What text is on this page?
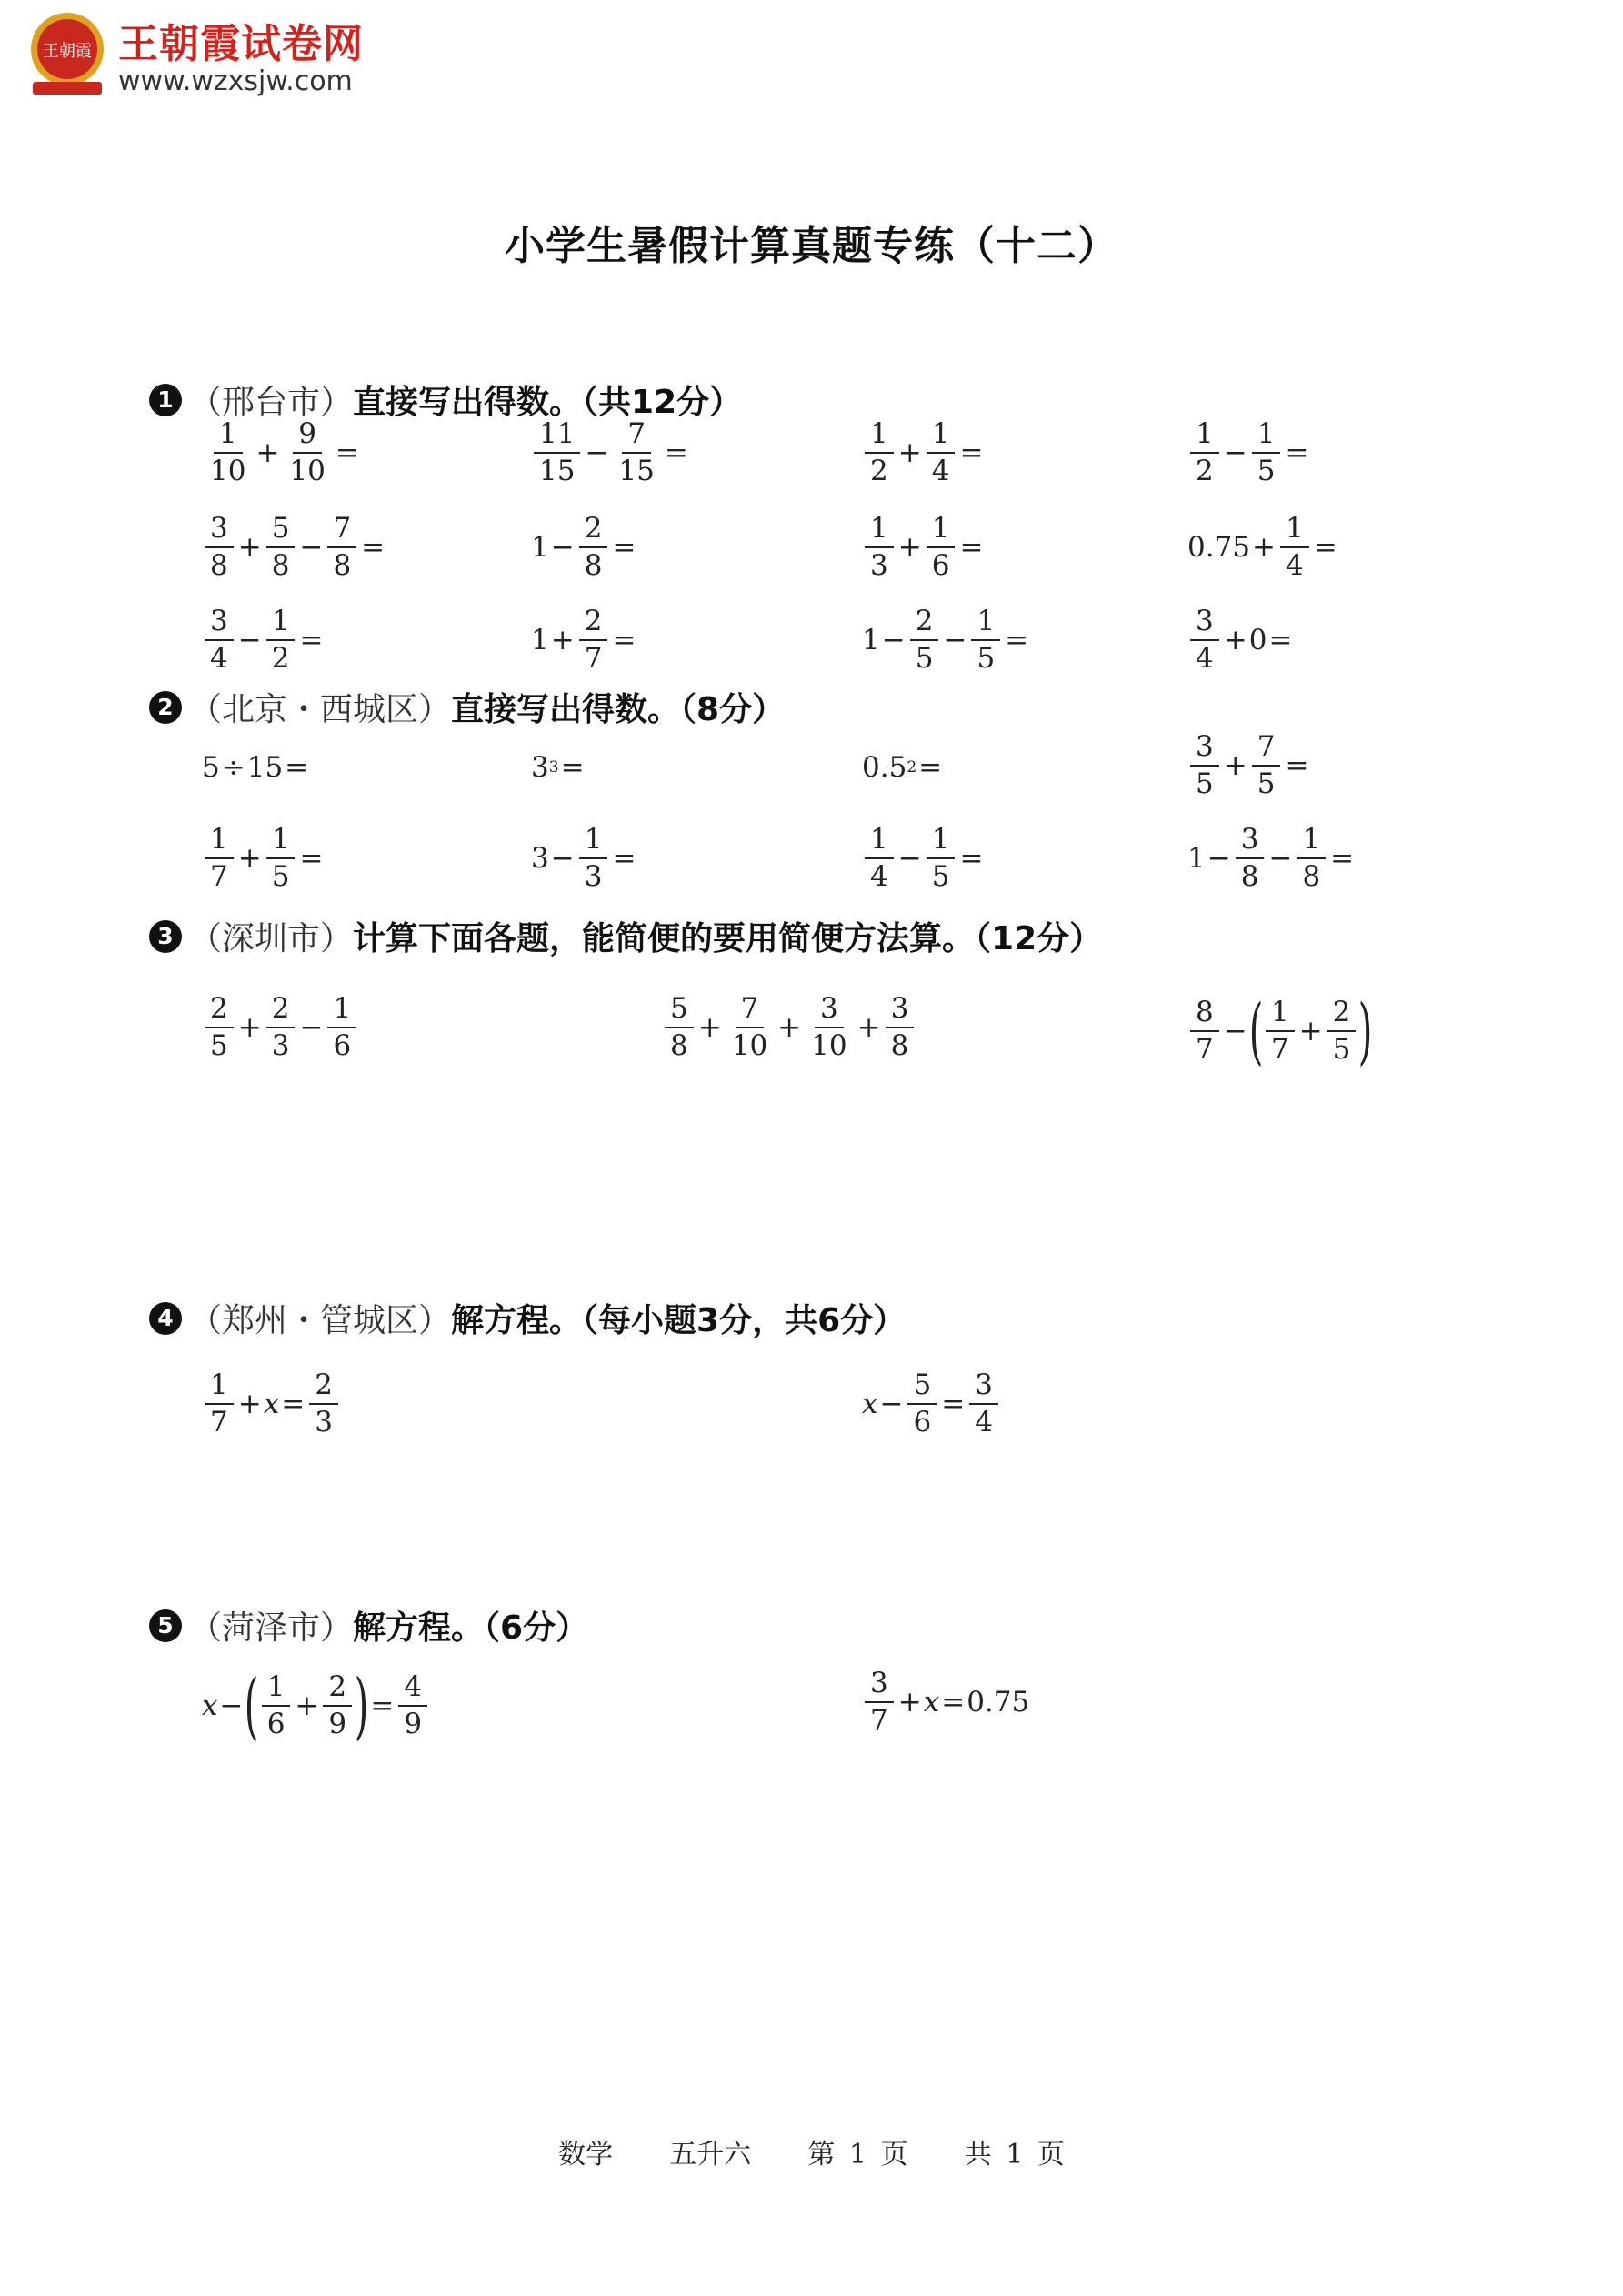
王朝霞 王朝霞试卷网
www.wzxsjw.com
小学生暑假计算真题专练（十二）
1 （邢台市） 直接写出得数。（共12分）
$\frac{1}{10} + \frac{9}{10}$ =	$\frac{11}{15} - \frac{7}{15}$ =	$\frac{1}{2} + \frac{1}{4}$ =	$\frac{1}{2} - \frac{1}{5}$ =
$\frac{3}{8} + \frac{5}{8} - \frac{7}{8}$ =	$1 - \frac{2}{8}$ =	$\frac{1}{3} + \frac{1}{6}$ =	$0.75 + \frac{1}{4}$ =
$\frac{3}{4} - \frac{1}{2}$ =	$1 + \frac{2}{7}$ =	$1 - \frac{2}{5} - \frac{1}{5}$ =	$\frac{3}{4} + 0$ =
2 （北京・西城区） 直接写出得数。（8分）
5 ÷ 15 =	3 3 =	0.5 2 =	$\frac{3}{5} + \frac{7}{5}$ =
$\frac{1}{7} + \frac{1}{5}$ =	$3 - \frac{1}{3}$ =	$\frac{1}{4} - \frac{1}{5}$ =	$1 - \frac{3}{8} - \frac{1}{8}$ =
3 （深圳市） 计算下面各题，能简便的要用简便方法算。（12分）
$\frac{2}{5} + \frac{2}{3} - \frac{1}{6}$	$\frac{5}{8} + \frac{7}{10} + \frac{3}{10} + \frac{3}{8}$	$\frac{8}{7}$ − ( $\frac{1}{7} + \frac{2}{5}$ )
4 （郑州・管城区） 解方程。（每小题3分，共6分）
$\frac{1}{7} + x = \frac{2}{3}$	$x - \frac{5}{6} = \frac{3}{4}$
5 （菏泽市） 解方程。（6分）
x − ( $\frac{1}{6} + \frac{2}{9}$ ) = $\frac{4}{9}$	$\frac{3}{7} + x = 0.75$
数学    五升六    第 1 页    共 1 页
